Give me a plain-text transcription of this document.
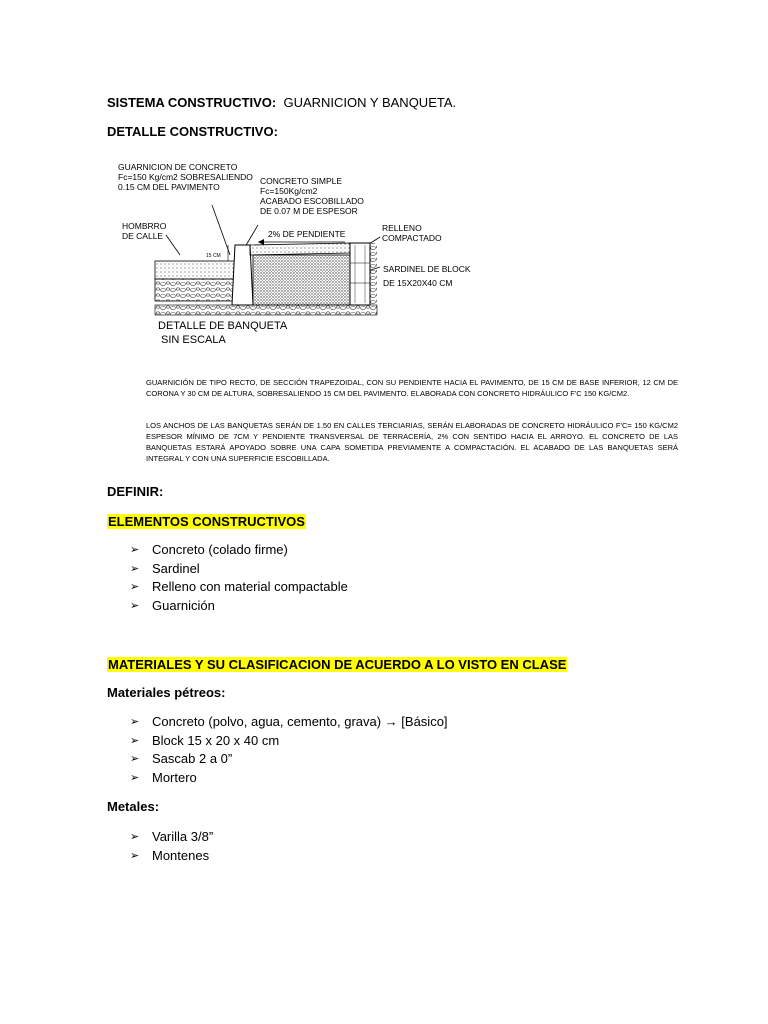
SISTEMA CONSTRUCTIVO: GUARNICION Y BANQUETA.
DETALLE CONSTRUCTIVO:
GUARNICION DE CONCRETO
Fc=150 Kg/cm2 SOBRESALIENDO
0.15 CM DEL PAVIMENTO
CONCRETO SIMPLE
Fc=150Kg/cm2
ACABADO ESCOBILLADO
DE 0.07 M DE ESPESOR
HOMBRRO
DE CALLE	2% DE PENDIENTE
RELLENO
COMPACTADO
SARDINEL DE BLOCK
DE 15X20X40 CM
15 CM
DETALLE DE BANQUETA
SIN ESCALA
GUARNICIÓN DE TIPO RECTO, DE SECCIÓN TRAPEZOIDAL, CON SU PENDIENTE HACIA EL PAVIMENTO, DE 15 CM DE BASE INFERIOR, 12 CM DE CORONA Y 30 CM DE ALTURA, SOBRESALIENDO 15 CM DEL PAVIMENTO. ELABORADA CON CONCRETO HIDRÁULICO F'C 150 KG/CM2.
LOS ANCHOS DE LAS BANQUETAS SERÁN DE 1.50 EN CALLES TERCIARIAS, SERÁN ELABORADAS DE CONCRETO HIDRÁULICO F'C= 150 KG/CM2 ESPESOR MÍNIMO DE 7CM Y PENDIENTE TRANSVERSAL DE TERRACERÍA, 2% CON SENTIDO HACIA EL ARROYO. EL CONCRETO DE LAS BANQUETAS ESTARÁ APOYADO SOBRE UNA CAPA SOMETIDA PREVIAMENTE A COMPACTACIÓN. EL ACABADO DE LAS BANQUETAS SERÁ INTEGRAL Y CON UNA SUPERFICIE ESCOBILLADA.
DEFINIR:
ELEMENTOS CONSTRUCTIVOS
➢ Concreto (colado firme)
➢ Sardinel
➢ Relleno con material compactable
➢ Guarnición
MATERIALES Y SU CLASIFICACION DE ACUERDO A LO VISTO EN CLASE
Materiales pétreos:
➢ Concreto (polvo, agua, cemento, grava) → [Básico]
➢ Block 15 x 20 x 40 cm
➢ Sascab 2 a 0”
➢ Mortero
Metales:
➢ Varilla 3/8”
➢ Montenes
